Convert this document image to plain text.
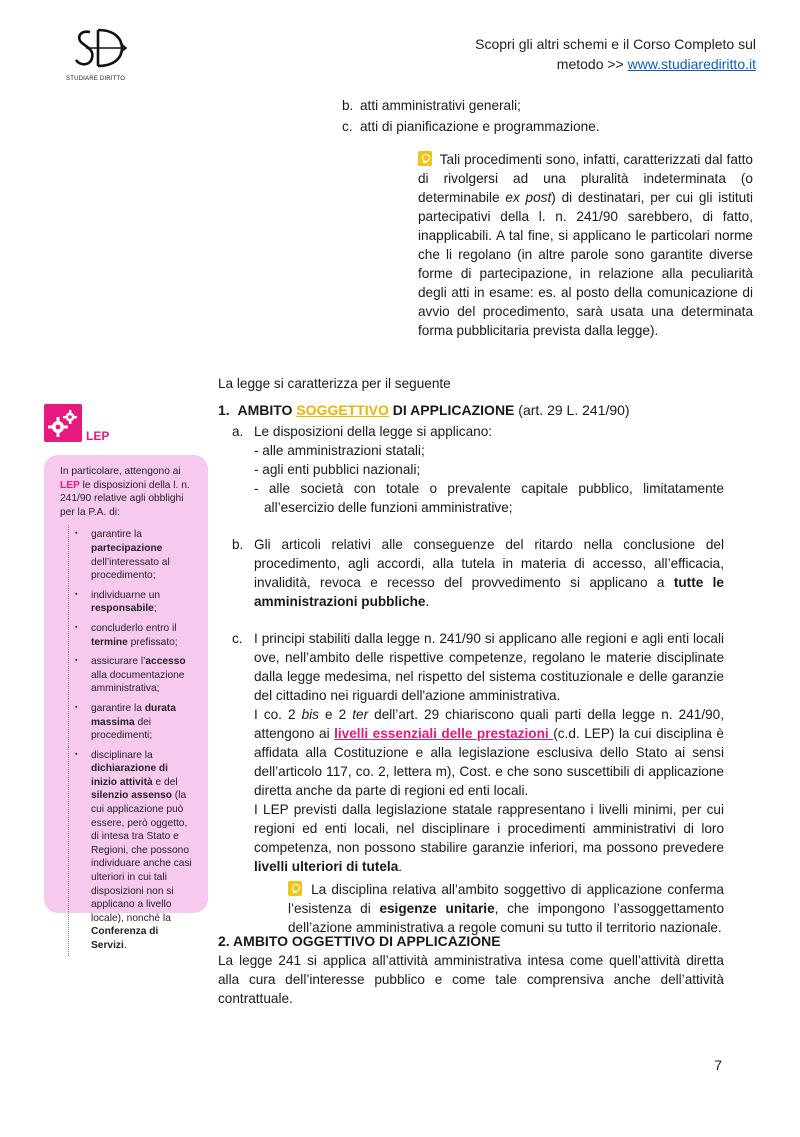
STUDIARE DIRITTO
Scopri gli altri schemi e il Corso Completo sul
metodo >> www.studiarediritto.it
b. atti amministrativi generali;
c. atti di pianificazione e programmazione.
Tali procedimenti sono, infatti, caratterizzati dal fatto di rivolgersi ad una pluralità indeterminata (o determinabile ex post) di destinatari, per cui gli istituti partecipativi della l. n. 241/90 sarebbero, di fatto, inapplicabili. A tal fine, si applicano le particolari norme che li regolano (in altre parole sono garantite diverse forme di partecipazione, in relazione alla peculiarità degli atti in esame: es. al posto della comunicazione di avvio del procedimento, sarà usata una determinata forma pubblicitaria prevista dalla legge).
La legge si caratterizza per il seguente
LEP
In particolare, attengono ai LEP le disposizioni della l. n. 241/90 relative agli obblighi per la P.A. di:
▪ garantire la partecipazione dell’interessato al procedimento;
▪ individuarne un responsabile;
▪ concluderlo entro il termine prefissato;
▪ assicurare l’accesso alla documentazione amministrativa;
▪ garantire la durata massima dei procedimenti;
▪ disciplinare la dichiarazione di inizio attività e del silenzio assenso (la cui applicazione può essere, però oggetto, di intesa tra Stato e Regioni, che possono individuare anche casi ulteriori in cui tali disposizioni non si applicano a livello locale), nonché la Conferenza di Servizi.
1. AMBITO SOGGETTIVO DI APPLICAZIONE (art. 29 L. 241/90)
a. Le disposizioni della legge si applicano:
- alle amministrazioni statali;
- agli enti pubblici nazionali;
- alle società con totale o prevalente capitale pubblico, limitatamente all’esercizio delle funzioni amministrative;
b. Gli articoli relativi alle conseguenze del ritardo nella conclusione del procedimento, agli accordi, alla tutela in materia di accesso, all’efficacia, invalidità, revoca e recesso del provvedimento si applicano a tutte le amministrazioni pubbliche.
c. I principi stabiliti dalla legge n. 241/90 si applicano alle regioni e agli enti locali ove, nell’ambito delle rispettive competenze, regolano le materie disciplinate dalla legge medesima, nel rispetto del sistema costituzionale e delle garanzie del cittadino nei riguardi dell'azione amministrativa.
I co. 2 bis e 2 ter dell’art. 29 chiariscono quali parti della legge n. 241/90, attengono ai livelli essenziali delle prestazioni (c.d. LEP) la cui disciplina è affidata alla Costituzione e alla legislazione esclusiva dello Stato ai sensi dell’articolo 117, co. 2, lettera m), Cost. e che sono suscettibili di applicazione diretta anche da parte di regioni ed enti locali.
I LEP previsti dalla legislazione statale rappresentano i livelli minimi, per cui regioni ed enti locali, nel disciplinare i procedimenti amministrativi di loro competenza, non possono stabilire garanzie inferiori, ma possono prevedere livelli ulteriori di tutela.
La disciplina relativa all’ambito soggettivo di applicazione conferma l’esistenza di esigenze unitarie, che impongono l’assoggettamento dell’azione amministrativa a regole comuni su tutto il territorio nazionale.
2. AMBITO OGGETTIVO DI APPLICAZIONE
La legge 241 si applica all’attività amministrativa intesa come quell’attività diretta alla cura dell’interesse pubblico e come tale comprensiva anche dell’attività contrattuale.
7
